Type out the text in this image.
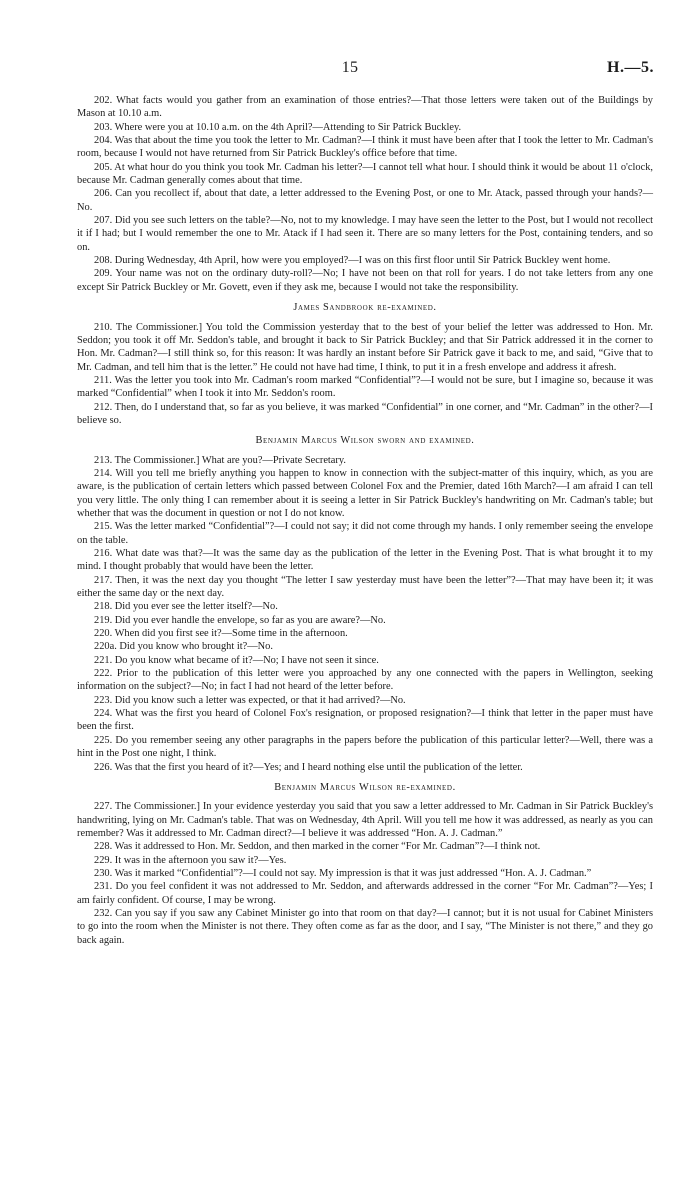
15	H.—5.

202. What facts would you gather from an examination of those entries?—That those letters were taken out of the Buildings by Mason at 10.10 a.m.

203. Where were you at 10.10 a.m. on the 4th April?—Attending to Sir Patrick Buckley.

204. Was that about the time you took the letter to Mr. Cadman?—I think it must have been after that I took the letter to Mr. Cadman's room, because I would not have returned from Sir Patrick Buckley's office before that time.

205. At what hour do you think you took Mr. Cadman his letter?—I cannot tell what hour. I should think it would be about 11 o'clock, because Mr. Cadman generally comes about that time.

206. Can you recollect if, about that date, a letter addressed to the Evening Post, or one to Mr. Atack, passed through your hands?—No.

207. Did you see such letters on the table?—No, not to my knowledge. I may have seen the letter to the Post, but I would not recollect it if I had; but I would remember the one to Mr. Atack if I had seen it. There are so many letters for the Post, containing tenders, and so on.

208. During Wednesday, 4th April, how were you employed?—I was on this first floor until Sir Patrick Buckley went home.

209. Your name was not on the ordinary duty-roll?—No; I have not been on that roll for years. I do not take letters from any one except Sir Patrick Buckley or Mr. Govett, even if they ask me, because I would not take the responsibility.

James Sandbrook re-examined.

210. The Commissioner.] You told the Commission yesterday that to the best of your belief the letter was addressed to Hon. Mr. Seddon; you took it off Mr. Seddon's table, and brought it back to Sir Patrick Buckley; and that Sir Patrick addressed it in the corner to Hon. Mr. Cadman?—I still think so, for this reason: It was hardly an instant before Sir Patrick gave it back to me, and said, “Give that to Mr. Cadman, and tell him that is the letter.” He could not have had time, I think, to put it in a fresh envelope and address it afresh.

211. Was the letter you took into Mr. Cadman's room marked “Confidential”?—I would not be sure, but I imagine so, because it was marked “Confidential” when I took it into Mr. Seddon's room.

212. Then, do I understand that, so far as you believe, it was marked “Confidential” in one corner, and “Mr. Cadman” in the other?—I believe so.

Benjamin Marcus Wilson sworn and examined.

213. The Commissioner.] What are you?—Private Secretary.

214. Will you tell me briefly anything you happen to know in connection with the subject-matter of this inquiry, which, as you are aware, is the publication of certain letters which passed between Colonel Fox and the Premier, dated 16th March?—I am afraid I can tell you very little. The only thing I can remember about it is seeing a letter in Sir Patrick Buckley's handwriting on Mr. Cadman's table; but whether that was the document in question or not I do not know.

215. Was the letter marked “Confidential”?—I could not say; it did not come through my hands. I only remember seeing the envelope on the table.

216. What date was that?—It was the same day as the publication of the letter in the Evening Post. That is what brought it to my mind. I thought probably that would have been the letter.

217. Then, it was the next day you thought “The letter I saw yesterday must have been the letter”?—That may have been it; it was either the same day or the next day.

218. Did you ever see the letter itself?—No.

219. Did you ever handle the envelope, so far as you are aware?—No.

220. When did you first see it?—Some time in the afternoon.

220a. Did you know who brought it?—No.

221. Do you know what became of it?—No; I have not seen it since.

222. Prior to the publication of this letter were you approached by any one connected with the papers in Wellington, seeking information on the subject?—No; in fact I had not heard of the letter before.

223. Did you know such a letter was expected, or that it had arrived?—No.

224. What was the first you heard of Colonel Fox's resignation, or proposed resignation?—I think that letter in the paper must have been the first.

225. Do you remember seeing any other paragraphs in the papers before the publication of this particular letter?—Well, there was a hint in the Post one night, I think.

226. Was that the first you heard of it?—Yes; and I heard nothing else until the publication of the letter.

Benjamin Marcus Wilson re-examined.

227. The Commissioner.] In your evidence yesterday you said that you saw a letter addressed to Mr. Cadman in Sir Patrick Buckley's handwriting, lying on Mr. Cadman's table. That was on Wednesday, 4th April. Will you tell me how it was addressed, as nearly as you can remember? Was it addressed to Mr. Cadman direct?—I believe it was addressed “Hon. A. J. Cadman.”

228. Was it addressed to Hon. Mr. Seddon, and then marked in the corner “For Mr. Cadman”?—I think not.

229. It was in the afternoon you saw it?—Yes.

230. Was it marked “Confidential”?—I could not say. My impression is that it was just addressed “Hon. A. J. Cadman.”

231. Do you feel confident it was not addressed to Mr. Seddon, and afterwards addressed in the corner “For Mr. Cadman”?—Yes; I am fairly confident. Of course, I may be wrong.

232. Can you say if you saw any Cabinet Minister go into that room on that day?—I cannot; but it is not usual for Cabinet Ministers to go into the room when the Minister is not there. They often come as far as the door, and I say, “The Minister is not there,” and they go back again.
